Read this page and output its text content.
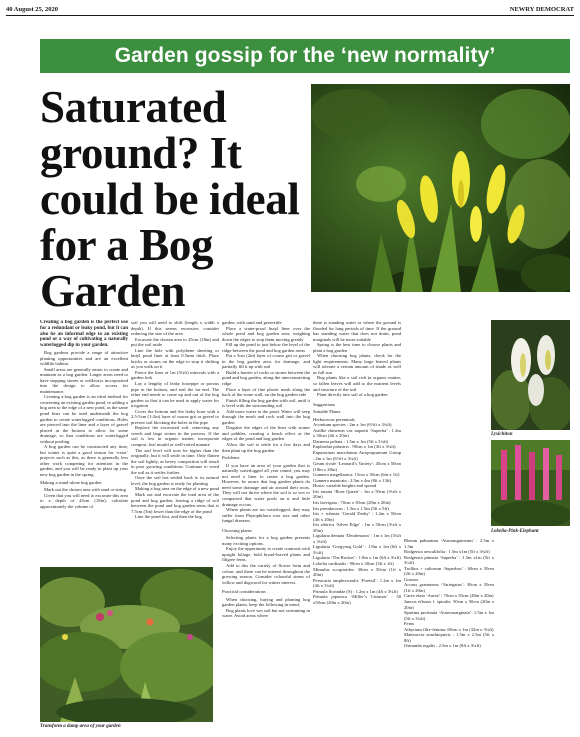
40 August 25, 2020	NEWRY DEMOCRAT
Garden gossip for the ‘new normality’
Saturated ground? It could be ideal for a Bog Garden

Creating a bog garden is the perfect use for a redundant or leaky pond, but it can also be an informal edge to an existing pond or a way of cultivating a naturally waterlogged dip in your garden.

Bog gardens provide a range of attractive planting opportunities and are an excellent wildlife habitat.

Small areas are generally easier to create and maintain as a bog garden. Larger areas need to have stepping stones or walkways incorporated into the design to allow access for maintenance.

Creating a bog garden is an ideal method for converting an existing garden pond, or adding a bog area to the edge of a new pond, as the same pond liner can be used underneath the bog garden to create waterlogged conditions. Holes are pierced into the liner and a layer of gravel placed in the bottom to allow for some drainage, so that conditions are waterlogged without pooling.

A bog garden can be constructed any time, but winter is quiet a good season for ‘extra’ projects such as this, as there is generally less other work competing for attention in the garden, and you will be ready to plant up your new bog garden in the spring.

Making a stand-alone bog garden

Mark out the chosen area with sand or string

Given that you will need to excavate this area to a depth of 45cm (18in), calculate approximately the volume of

soil you will need to shift (length x width x depth). If this seems excessive, consider reducing the size of the area

Excavate the chosen area to 45cm (18in) and put the soil aside

Line the hole with polythene sheeting or butyl pond liner at least 0.5mm thick. Place bricks or stones on the edge to stop it shifting as you walk on it

Pierce the liner at 1m (3¼ft) intervals with a garden fork

Lay a lengthy of leaky hosepipe or porous pipe in the bottom, and seal the far end. The other end needs to come up and out of the bog garden so that it can be used to apply water for irrigation

Cover the bottom and the leaky hose with a 2.5-5cm (1-2in) layer of coarse grit or gravel to prevent soil blocking the holes in the pipe

Replace the excavated soil, removing any weeds and large stones in the process. If the soil is low in organic matter, incorporate compost, leaf mould or well-rotted manure

The soil level will now be higher than the originally, but it will settle in time. Only flatten the soil lightly, as heavy compaction will result in poor growing conditions. Continue to weed the soil as it settles further

Once the soil has settled back to its natural level, the bog garden is ready for planting

Making a bog area on the edge of a new pond

Mark out and excavate the total area of the pond and bog garden, leaving a ridge of soil between the pond and bog garden areas that is 7.5cm (3in) lower than the edge of the pond

Line the pond first, and then the bog

garden, with sand and geotextile

Place a water-proof butyl liner over the whole pond and bog garden area, weighing down the edges to stop them moving greatly

Fill up the pond to just below the level of the ridge between the pond and bog garden areas

Put a 5cm (2in) layer of coarse grit or gravel in the bog garden area, for drainage, and partially fill it up with soil

Build a barrier of rocks or stones between the pond and bog garden, along the interconnecting ridge

Place a layer of fine plastic mesh along the back of the stone wall, on the bog garden side

Finish filling the bog garden with soil, until it is level with the surrounding soil

Add more water to the pond. Water will seep through the mesh and rock wall into the bog garden

Disguise the edges of the liner with stones and pebbles, creating a beach effect at the edges of the pond and bog garden

Allow the soil to settle for a few days and then plant up the bog garden

Problems

If you have an area of your garden that is naturally waterlogged all year round, you may not need a liner to create a bog garden. However, be aware that bog garden plants do need some drainage and air around their roots. They will not thrive where the soil is so wet or compacted that water pools on it and little drainage occurs.

Where plants are too waterlogged, they may suffer from Phytophthora root rots and other fungal diseases.

Choosing plants

Selecting plants for a bog garden presents many exciting options.

Enjoy the opportunity to create contrasts with upright foliage, bold broad-leaved plants and filigree ferns.

Add to this the variety of flower form and colour, and there can be interest throughout the growing season. Consider colourful stems of willow and dogwood for winter interest.

Practical considerations

When choosing, buying and planting bog garden plants, keep the following in mind;

Bog plants love wet soil but not swimming in water. Avoid areas where

there is standing water or where the ground is flooded for long periods of time. If the ground has standing water that does not drain, pond marginals will be more suitable

Spring is the best time to choose plants and plant a bog garden

When choosing bog plants, check for the light requirements. Many large leaved plants will tolerate a certain amount of shade as well as full sun

Bog plants like a soil rich in organic matter, so fallen leaves will add to the nutrient levels and structure of the soil

Plant directly into soil of a bog garden

Suggestions

Suitable Plants

Herbaceous perennials

Aconitum species : 2m x 1m (6½ft x 3¼ft)

Astilbe chinensis var. taquetii ‘Superba’ : 1.2m x 50cm (4ft x 20in)

Darmera peltata : 1.5m x 1m (5ft x 3¼ft)

Euphorbia palustris : 90cm x 1m (3ft x 3¼ft)

Eupatorium maculatum Atropurpureum Group : 2m x 1m (6½ft x 3¼ft)

Geum rivale ‘Leonard’s Variety’: 45cm x 50cm (18in x 20in)

Gunnera magellanica: 15cm x 30cm (6in x 1ft)

Gunnera manicata : 2.5m x 4m (8ft x 13ft)

Hosta: variable heights and spread

Iris ensata ‘Rose Queen’ : 1m x 50cm (3¼ft x 20in)

Iris laevigata : 70cm x 50cm (28in x 20in)

Iris pseudacorus : 1.5m x 1.5m (5ft x 5ft)

Iris × robusta ‘Gerald Darby’ : 1.2m x 50cm (4ft x 20in)

Iris sibirica ‘Silver Edge’ : 1m x 50cm (3¼ft x 20in)

Ligularia dentata ‘Desdemona’ : 1m x 1m (3¼ft x 3¼ft)

Ligularia ‘Gregynog Gold’ : 1.8m x 1m (6ft x 3¼ft)

Ligularia ‘The Rocket’ : 1.8m x 1m (6ft x 3¼ft)

Lobelia cardinalis : 90cm x 30cm (3ft x 1ft)

Mimulus scorpioides: 30cm x 50cm (1ft x 20in)

Persicaria amplexicaulis ‘Firetail’: 1.2m x 1m (4ft x 3¼ft)

Primula florindae (S) : 1.2m x 1m (4ft x 3¼ft)

Primula japonica ‘Miller’s Crimson’ : 50 x50cm (20in x 20in)

Rheum palmatum ‘Atrosanguineum’ : 2.5m x 1.5m

Rodgersia aesculifolia : 1.5m x1m (5ft x 3¼ft)

Rodgersia pinnata ‘Superba’ : 1.5m x1m (5ft x 3¼ft)

Trollius × cultorum ‘Superbus’ : 60cm x 50cm (2ft x 20in)

Grasses

Acorus gramineus ‘Variegatus’: 30cm x 50cm (1ft x 20in)

Carex elata ‘Aurea’ : 70cm x 50cm (28in x 20in)

Juncus effusus f. spiralis: 50cm x 50cm (20in x 20in)

Spartina pectinata ‘Aureomarginata’: 1.5m x 1m (5ft x 3¼ft)

Ferns

Athyrium filix-femina: 60cm x 1m (32in x 3¼ft)

Matteuccia struthiopteris : 1.5m x 2.5m (5ft x 8ft)

Osmunda regalis : 2.5m x 1m (8ft x 3¼ft)

Transform a damp area of your garden
Lysichiton
Lobelia-Pink-Elephant
